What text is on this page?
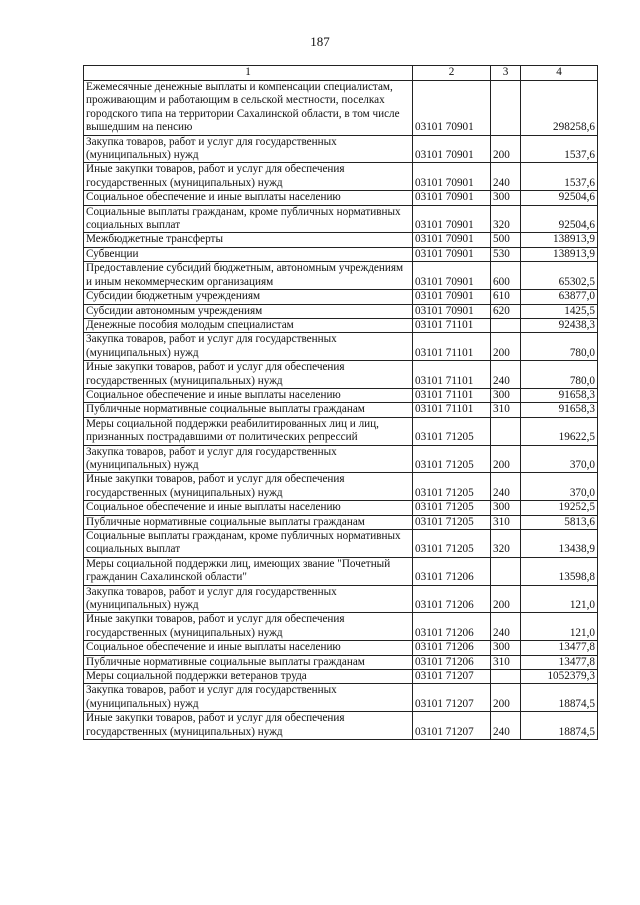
187
1	2	3	4
Ежемесячные денежные выплаты и компенсации специалистам, проживающим и работающим в сельской местности, поселках городского типа на территории Сахалинской области, в том числе вышедшим на пенсию	03101 70901		298258,6
Закупка товаров, работ и услуг для государственных (муниципальных) нужд	03101 70901	200	1537,6
Иные закупки товаров, работ и услуг для обеспечения государственных (муниципальных) нужд	03101 70901	240	1537,6
Социальное обеспечение и иные выплаты населению	03101 70901	300	92504,6
Социальные выплаты гражданам, кроме публичных нормативных социальных выплат	03101 70901	320	92504,6
Межбюджетные трансферты	03101 70901	500	138913,9
Субвенции	03101 70901	530	138913,9
Предоставление субсидий бюджетным, автономным учреждениям и иным некоммерческим организациям	03101 70901	600	65302,5
Субсидии бюджетным учреждениям	03101 70901	610	63877,0
Субсидии автономным учреждениям	03101 70901	620	1425,5
Денежные пособия молодым специалистам	03101 71101		92438,3
Закупка товаров, работ и услуг для государственных (муниципальных) нужд	03101 71101	200	780,0
Иные закупки товаров, работ и услуг для обеспечения государственных (муниципальных) нужд	03101 71101	240	780,0
Социальное обеспечение и иные выплаты населению	03101 71101	300	91658,3
Публичные нормативные социальные выплаты гражданам	03101 71101	310	91658,3
Меры социальной поддержки реабилитированных лиц и лиц, признанных пострадавшими от политических репрессий	03101 71205		19622,5
Закупка товаров, работ и услуг для государственных (муниципальных) нужд	03101 71205	200	370,0
Иные закупки товаров, работ и услуг для обеспечения государственных (муниципальных) нужд	03101 71205	240	370,0
Социальное обеспечение и иные выплаты населению	03101 71205	300	19252,5
Публичные нормативные социальные выплаты гражданам	03101 71205	310	5813,6
Социальные выплаты гражданам, кроме публичных нормативных социальных выплат	03101 71205	320	13438,9
Меры социальной поддержки лиц, имеющих звание "Почетный гражданин Сахалинской области"	03101 71206		13598,8
Закупка товаров, работ и услуг для государственных (муниципальных) нужд	03101 71206	200	121,0
Иные закупки товаров, работ и услуг для обеспечения государственных (муниципальных) нужд	03101 71206	240	121,0
Социальное обеспечение и иные выплаты населению	03101 71206	300	13477,8
Публичные нормативные социальные выплаты гражданам	03101 71206	310	13477,8
Меры социальной поддержки ветеранов труда	03101 71207		1052379,3
Закупка товаров, работ и услуг для государственных (муниципальных) нужд	03101 71207	200	18874,5
Иные закупки товаров, работ и услуг для обеспечения государственных (муниципальных) нужд	03101 71207	240	18874,5
